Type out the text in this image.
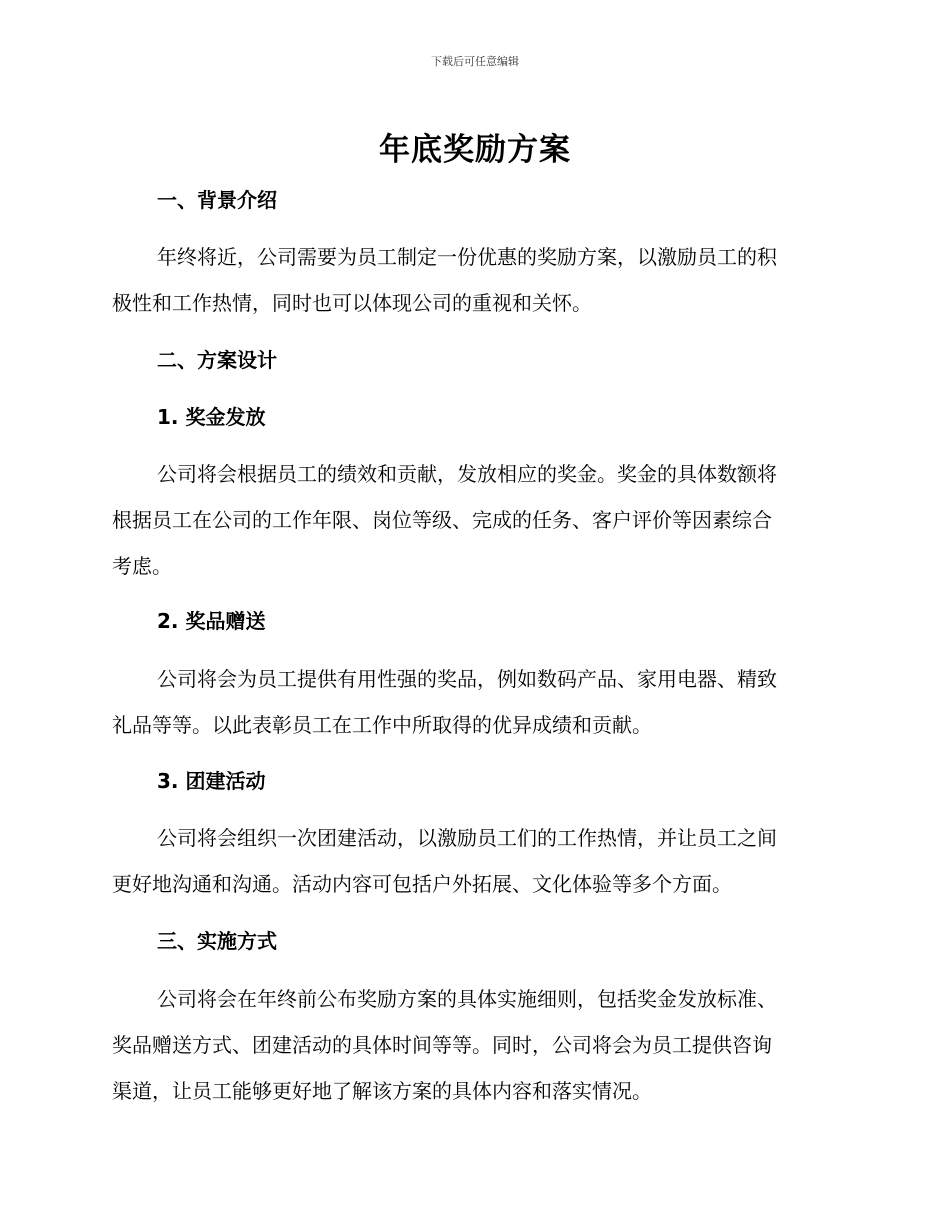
下载后可任意编辑
年底奖励方案
一、背景介绍
年终将近，公司需要为员工制定一份优惠的奖励方案，以激励员工的积
极性和工作热情，同时也可以体现公司的重视和关怀。
二、方案设计
1. 奖金发放
公司将会根据员工的绩效和贡献，发放相应的奖金。奖金的具体数额将
根据员工在公司的工作年限、岗位等级、完成的任务、客户评价等因素综合
考虑。
2. 奖品赠送
公司将会为员工提供有用性强的奖品，例如数码产品、家用电器、精致
礼品等等。以此表彰员工在工作中所取得的优异成绩和贡献。
3. 团建活动
公司将会组织一次团建活动，以激励员工们的工作热情，并让员工之间
更好地沟通和沟通。活动内容可包括户外拓展、文化体验等多个方面。
三、实施方式
公司将会在年终前公布奖励方案的具体实施细则，包括奖金发放标准、
奖品赠送方式、团建活动的具体时间等等。同时，公司将会为员工提供咨询
渠道，让员工能够更好地了解该方案的具体内容和落实情况。
